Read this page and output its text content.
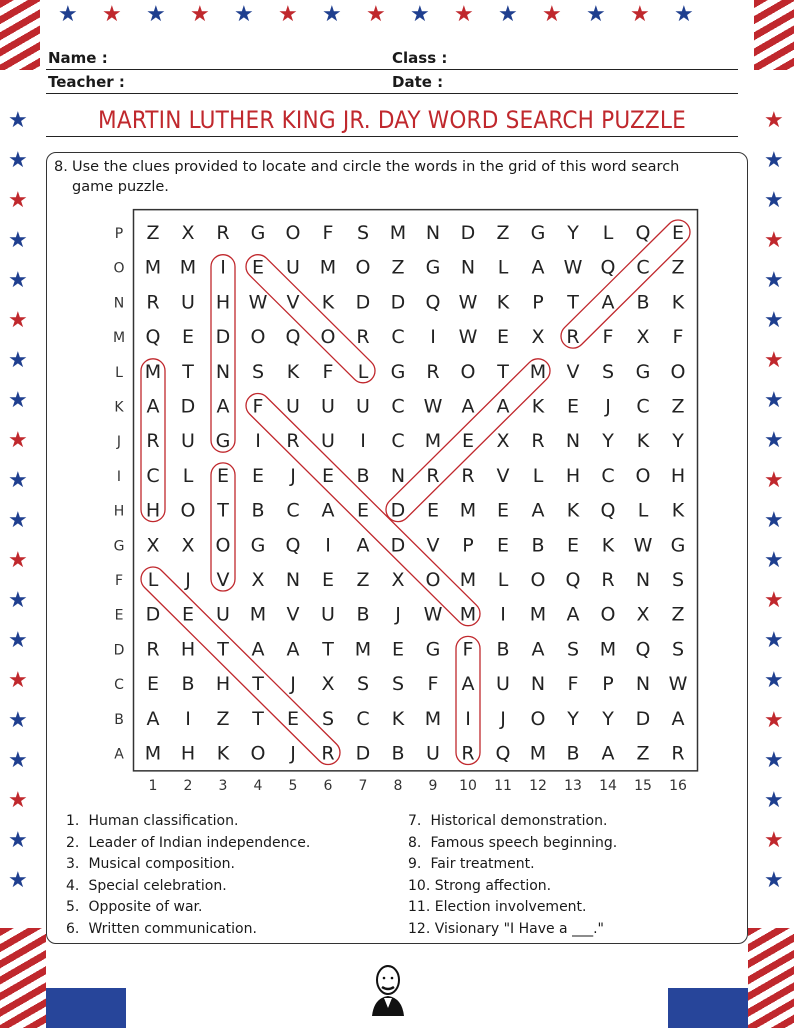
★ ★ ★ ★ ★ ★ ★ ★ ★ ★ ★ ★ ★ ★ ★
★	★
★	★
★	★
★	★
★	★
★	★
★	★
★	★
★	★
★	★
★	★
★	★
★	★
★	★
★	★
★	★
★	★
★	★
★	★
★	★
Name :	Class :
Teacher :	Date :
MARTIN LUTHER KING JR. DAY WORD SEARCH PUZZLE
8. Use the clues provided to locate and circle the words in the grid of this word search
game puzzle.
P
O
N
M
L
K
J
I
H
G
F
E
D
C
B
A
1 2 3 4 5 6 7 8 9 10 11 12 13 14 15 16
Z X R G O F S M N D Z G Y L Q E
M M I E U M O Z G N L A W Q C Z
R U H W V K D D Q W K P T A B K
Q E D O Q O R C I W E X R F X F
M T N S K F L G R O T M V S G O
A D A F U U U C W A A K E J C Z
R U G I R U I C M E X R N Y K Y
C L E E J E B N R R V L H C O H
H O T B C A E D E M E A K Q L K
X X O G Q I A D V P E B E K W G
L J V X N E Z X O M L O Q R N S
D E U M V U B J W M I M A O X Z
R H T A A T M E G F B A S M Q S
E B H T J X S S F A U N F P N W
A I Z T E S C K M I J O Y Y D A
M H K O J R D B U R Q M B A Z R
1. Human classification.
2. Leader of Indian independence.
3. Musical composition.
4. Special celebration.
5. Opposite of war.
6. Written communication.
7. Historical demonstration.
8. Famous speech beginning.
9. Fair treatment.
10. Strong affection.
11. Election involvement.
12. Visionary "I Have a ___."
